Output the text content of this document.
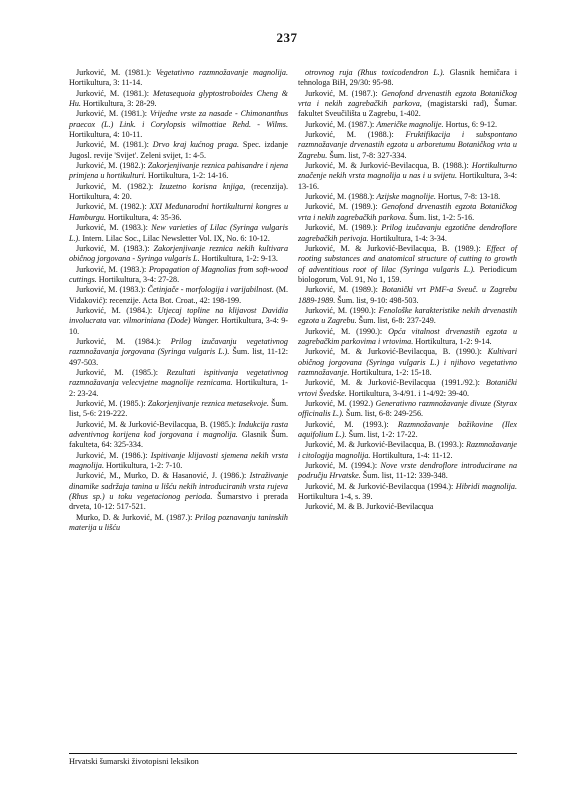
237

Jurković, M. (1981.): Vegetativno razmnožavanje magnolija. Hortikultura, 3: 11-14.

Jurković, M. (1981.): Metasequoia glyptostroboides Cheng & Hu. Hortikultura, 3: 28-29.

Jurković, M. (1981.): Vrijedne vrste za nasade - Chimonanthus praecox (L.) Link. i Corylopsis wilmottiae Rehd. - Wilms. Hortikultura, 4: 10-11.

Jurković, M. (1981.): Drvo kraj kućnog praga. Spec. izdanje Jugosl. revije 'Svijet'. Zeleni svijet, 1: 4-5.

Jurković, M. (1982.): Zakorjenjivanje reznica pahisandre i njena primjena u hortikulturi. Hortikultura, 1-2: 14-16.

Jurković, M. (1982.): Izuzetno korisna knjiga, (recenzija). Hortikultura, 4: 20.

Jurković, M. (1982.): XXI Međunarodni hortikulturni kongres u Hamburgu. Hortikultura, 4: 35-36.

Jurković, M. (1983.): New varieties of Lilac (Syringa vulgaris L.). Intern. Lilac Soc., Lilac Newsletter Vol. IX, No. 6: 10-12.

Jurković, M. (1983.): Zakorjenjivanje reznica nekih kultivara običnog jorgovana - Syringa vulgaris L. Hortikultura, 1-2: 9-13.

Jurković, M. (1983.): Propagation of Magnolias from soft-wood cuttings. Hortikultura, 3-4: 27-28.

Jurković, M. (1983.): Četinjače - morfologija i varijabilnost. (M. Vidaković): recenzije. Acta Bot. Croat., 42: 198-199.

Jurković, M. (1984.): Utjecaj topline na klijavost Davidia involucrata var. vilmoriniana (Dode) Wanger. Hortikultura, 3-4: 9-10.

Jurković, M. (1984.): Prilog izučavanju vegetativnog razmnožavanja jorgovana (Syringa vulgaris L.). Šum. list, 11-12: 497-503.

Jurković, M. (1985.): Rezultati ispitivanja vegetativnog razmnožavanja velecvjetne magnolije reznicama. Hortikultura, 1-2: 23-24.

Jurković, M. (1985.): Zakorjenjivanje reznica metasekvoje. Šum. list, 5-6: 219-222.

Jurković, M. & Jurković-Bevilacqua, B. (1985.): Indukcija rasta adventivnog korijena kod jorgovana i magnolija. Glasnik Šum. fakulteta, 64: 325-334.

Jurković, M. (1986.): Ispitivanje klijavosti sjemena nekih vrsta magnolija. Hortikultura, 1-2: 7-10.

Jurković, M., Murko, D. & Hasanović, J. (1986.): Istraživanje dinamike sadržaja tanina u lišću nekih introduciranih vrsta rujeva (Rhus sp.) u toku vegetacionog perioda. Šumarstvo i prerada drveta, 10-12: 517-521.

Murko, D. & Jurković, M. (1987.): Prilog poznavanju taninskih materija u lišću

otrovnog ruja (Rhus toxicodendron L.). Glasnik hemičara i tehnologa BiH, 29/30: 95-98.

Jurković, M. (1987.): Genofond drvenastih egzota Botaničkog vrta i nekih zagrebačkih parkova, (magistarski rad), Šumar. fakultet Sveučilišta u Zagrebu, 1-402.

Jurković, M. (1987.): Američke magnolije. Hortus, 6: 9-12.

Jurković, M. (1988.): Fruktifikacija i subspontano razmnožavanje drvenastih egzota u arboretumu Botaničkog vrta u Zagrebu. Šum. list, 7-8: 327-334.

Jurković, M. & Jurković-Bevilacqua, B. (1988.): Hortikulturno značenje nekih vrsta magnolija u nas i u svijetu. Hortikultura, 3-4: 13-16.

Jurković, M. (1988.): Azijske magnolije. Hortus, 7-8: 13-18.

Jurković, M. (1989.): Genofond drvenastih egzota Botaničkog vrta i nekih zagrebačkih parkova. Šum. list, 1-2: 5-16.

Jurković, M. (1989.): Prilog izučavanju egzotične dendroflore zagrebačkih perivoja. Hortikultura, 1-4: 3-34.

Jurković, M. & Jurković-Bevilacqua, B. (1989.): Effect of rooting substances and anatomical structure of cutting to growth of adventitious root of lilac (Syringa vulgaris L.). Periodicum biologorum, Vol. 91, No 1, 159.

Jurković, M. (1989.): Botanički vrt PMF-a Sveuč. u Zagrebu 1889-1989. Šum. list, 9-10: 498-503.

Jurković, M. (1990.): Fenološke karakteristike nekih drvenastih egzota u Zagrebu. Šum. list, 6-8: 237-249.

Jurković, M. (1990.): Opća vitalnost drvenastih egzota u zagrebačkim parkovima i vrtovima. Hortikultura, 1-2: 9-14.

Jurković, M. & Jurković-Bevilacqua, B. (1990.): Kultivari običnog jorgovana (Syringa vulgaris L.) i njihovo vegetativno razmnožavanje. Hortikultura, 1-2: 15-18.

Jurković, M. & Jurković-Bevilacqua (1991./92.): Botanički vrtovi Švedske. Hortikultura, 3-4/91. i 1-4/92: 39-40.

Jurković, M. (1992.) Generativno razmnožavanje divuze (Styrax officinalis L.). Šum. list, 6-8: 249-256.

Jurković, M. (1993.): Razmnožavanje božikovine (Ilex aquifolium L.). Šum. list, 1-2: 17-22.

Jurković, M. & Jurković-Bevilacqua, B. (1993.): Razmnožavanje i citologija magnolija. Hortikultura, 1-4: 11-12.

Jurković, M. (1994.): Nove vrste dendroflore introducirane na području Hrvatske. Šum. list, 11-12: 339-348.

Jurković, M. & Jurković-Bevilacqua (1994.): Hibridi magnolija. Hortikultura 1-4, s. 39.

Jurković, M. & B. Jurković-Bevilacqua

Hrvatski šumarski životopisni leksikon
